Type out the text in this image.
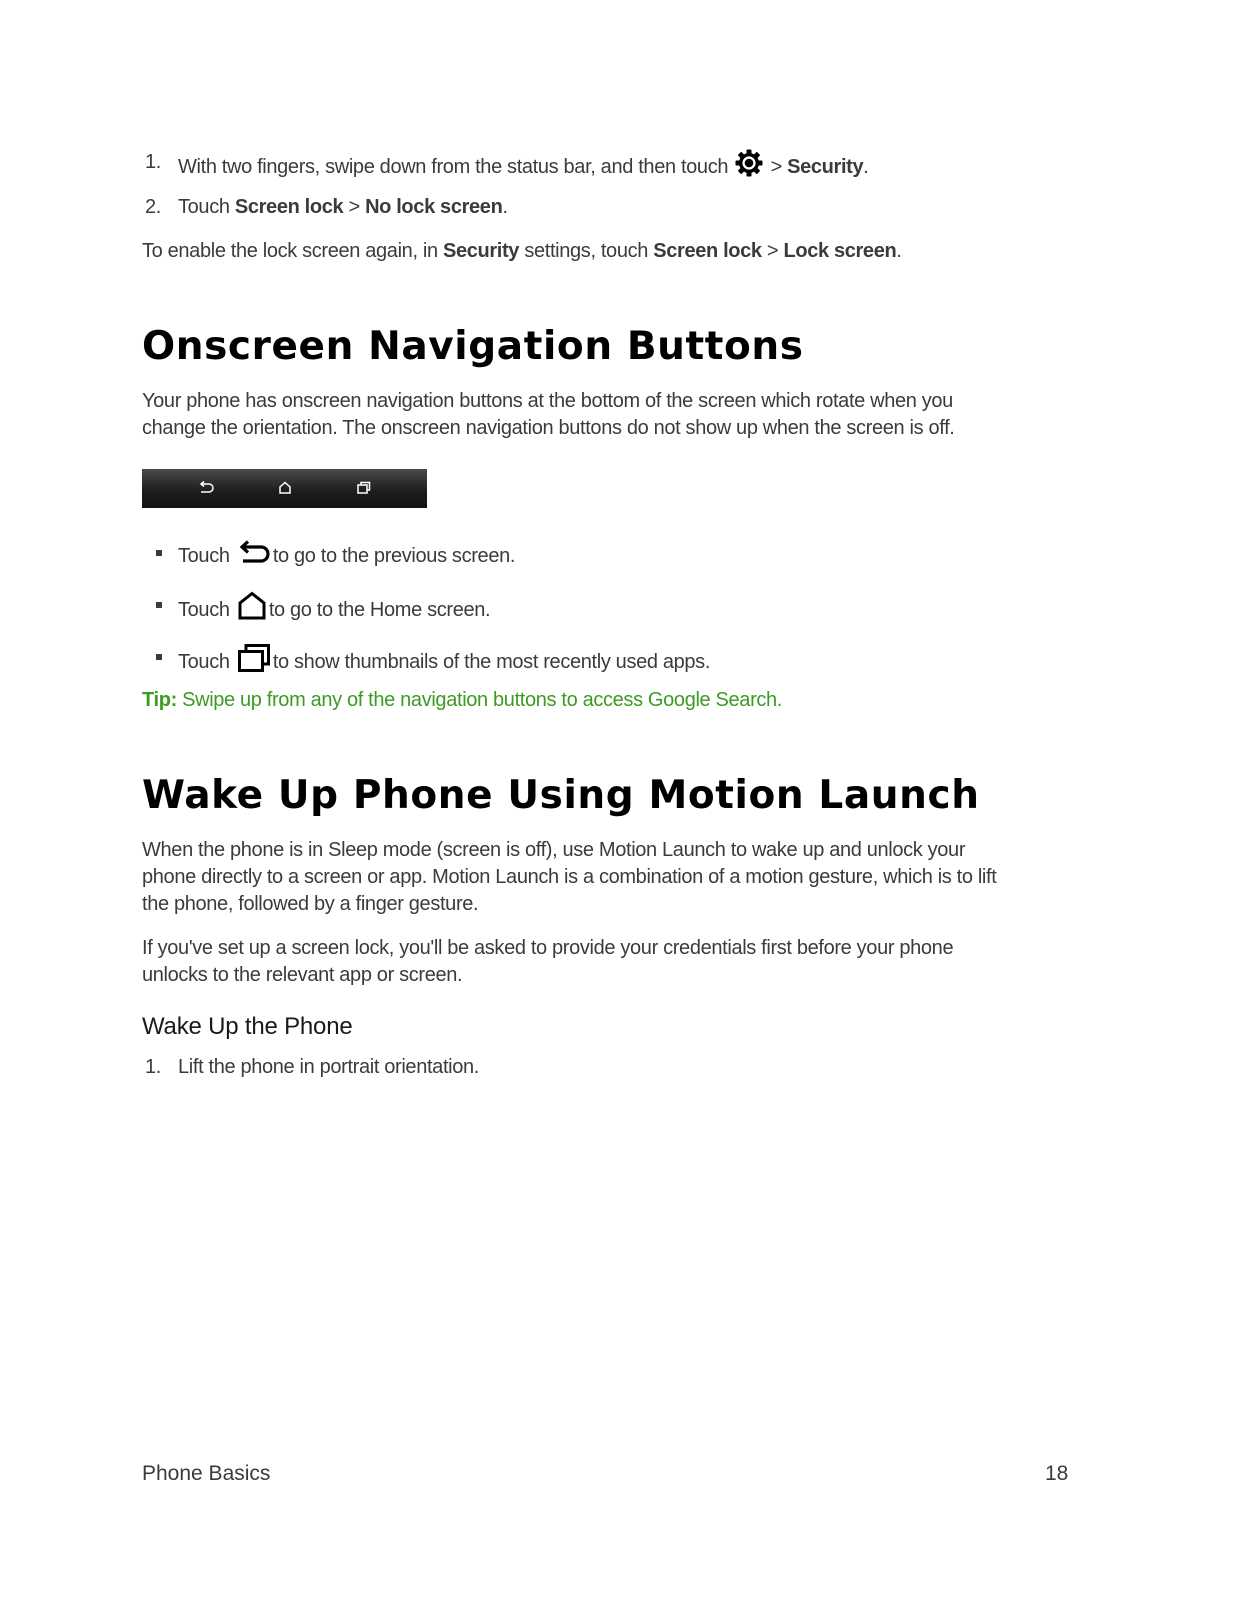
1. With two fingers, swipe down from the status bar, and then touch > Security.
2. Touch Screen lock > No lock screen.
To enable the lock screen again, in Security settings, touch Screen lock > Lock screen.
Onscreen Navigation Buttons
Your phone has onscreen navigation buttons at the bottom of the screen which rotate when you
change the orientation. The onscreen navigation buttons do not show up when the screen is off.
Touch to go to the previous screen.
Touch to go to the Home screen.
Touch to show thumbnails of the most recently used apps.
Tip: Swipe up from any of the navigation buttons to access Google Search.
Wake Up Phone Using Motion Launch
When the phone is in Sleep mode (screen is off), use Motion Launch to wake up and unlock your
phone directly to a screen or app. Motion Launch is a combination of a motion gesture, which is to lift
the phone, followed by a finger gesture.
If you've set up a screen lock, you'll be asked to provide your credentials first before your phone
unlocks to the relevant app or screen.
Wake Up the Phone
1. Lift the phone in portrait orientation.
Phone Basics	18
